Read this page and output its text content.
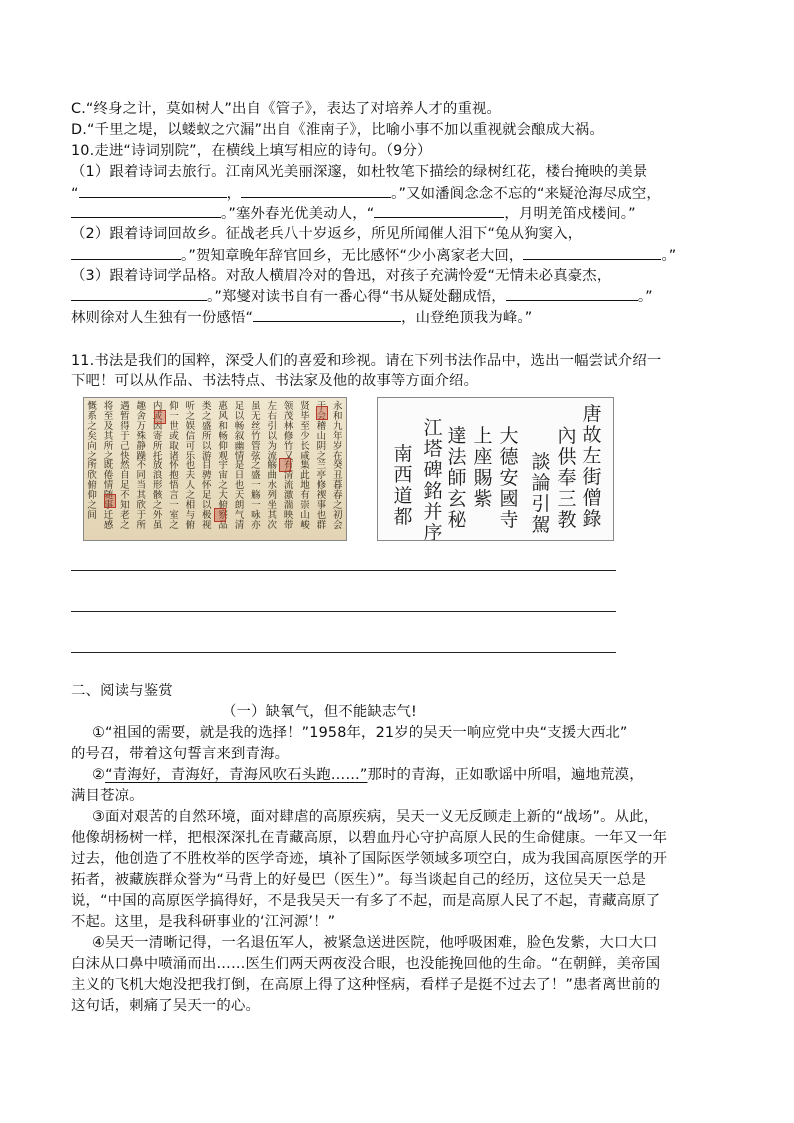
C.“终身之计，莫如树人”出自《管子》，表达了对培养人才的重视。
D.“千里之堤，以蝼蚁之穴漏”出自《淮南子》，比喻小事不加以重视就会酿成大祸。
10.走进“诗词别院”，在横线上填写相应的诗句。（9分）
（1）跟着诗词去旅行。江南风光美丽深邃，如杜牧笔下描绘的绿树红花，楼台掩映的美景
“	，	。”又如潘阆念念不忘的“来疑沧海尽成空，
。”塞外春光优美动人，“	，月明羌笛戍楼间。”
（2）跟着诗词回故乡。征战老兵八十岁返乡，所见所闻催人泪下“兔从狗窦入，
。”贺知章晚年辞官回乡，无比感怀“少小离家老大回，	。”
（3）跟着诗词学品格。对敌人横眉冷对的鲁迅，对孩子充满怜爱“无情未必真豪杰，
。”郑燮对读书自有一番心得“书从疑处翻成悟，	。”
林则徐对人生独有一份感悟“	，山登绝顶我为峰。”
11.书法是我们的国粹，深受人们的喜爱和珍视。请在下列书法作品中，选出一幅尝试介绍一
下吧！可以从作品、书法特点、书法家及他的故事等方面介绍。
永和九年岁在癸丑暮春之初会
于会稽山阴之兰亭修禊事也群
贤毕至少长咸集此地有崇山峻
领茂林修竹又有清流激湍映带
左右引以为流觞曲水列坐其次
虽无丝竹管弦之盛一觞一咏亦
足以畅叙幽情是日也天朗气清
惠风和畅仰观宇宙之大俯察品
类之盛所以游目骋怀足以极视
听之娱信可乐也夫人之相与俯
仰一世或取诸怀抱悟言一室之
内或因寄所托放浪形骸之外虽
趣舍万殊静躁不同当其欣于所
遇暂得于己快然自足不知老之
将至及其所之既倦情随事迁感
慨系之矣向之所欣俯仰之间
唐故左街僧錄
內供奉三教
談論引駕
大德安國寺
上座賜紫
達法師玄秘
江塔碑銘并序
南西道都
二、阅读与鉴赏
（一）缺氧气，但不能缺志气!
①“祖国的需要，就是我的选择！”1958年，21岁的吴天一响应党中央“支援大西北”
的号召，带着这句誓言来到青海。
②“青海好，青海好，青海风吹石头跑……”那时的青海，正如歌谣中所唱，遍地荒漠，
满目苍凉。
③面对艰苦的自然环境，面对肆虐的高原疾病，吴天一义无反顾走上新的“战场”。从此，
他像胡杨树一样，把根深深扎在青藏高原，以碧血丹心守护高原人民的生命健康。一年又一年
过去，他创造了不胜枚举的医学奇迹，填补了国际医学领域多项空白，成为我国高原医学的开
拓者，被藏族群众誉为“马背上的好曼巴（医生）”。每当谈起自己的经历，这位吴天一总是
说，“中国的高原医学搞得好，不是我吴天一有多了不起，而是高原人民了不起，青藏高原了
不起。这里，是我科研事业的‘江河源’！”
④吴天一清晰记得，一名退伍军人，被紧急送进医院，他呼吸困难，脸色发紫，大口大口
白沫从口鼻中喷涌而出……医生们两天两夜没合眼，也没能挽回他的生命。“在朝鲜，美帝国
主义的飞机大炮没把我打倒，在高原上得了这种怪病，看样子是挺不过去了！”患者离世前的
这句话，刺痛了吴天一的心。
